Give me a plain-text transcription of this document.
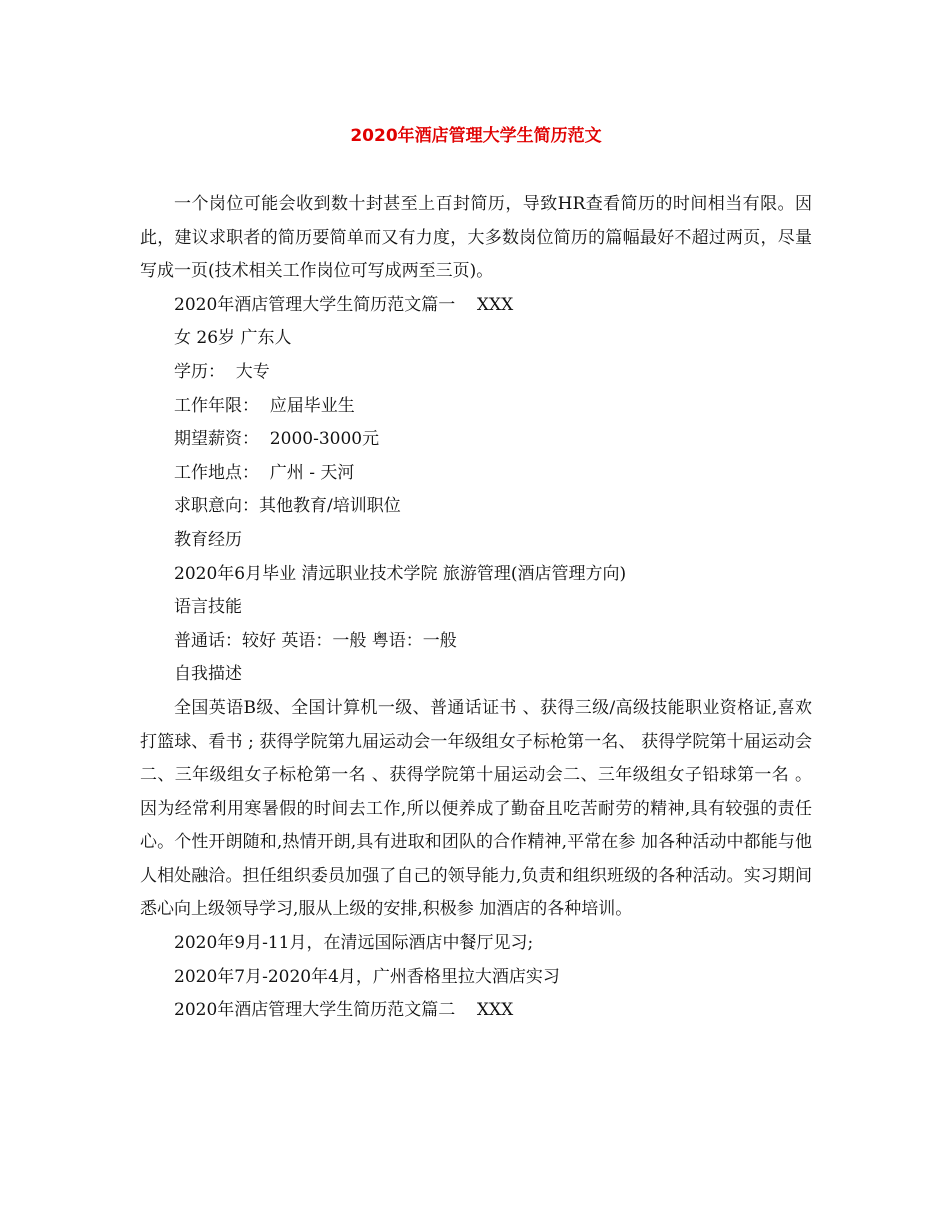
2020年酒店管理大学生简历范文

一个岗位可能会收到数十封甚至上百封简历，导致HR查看简历的时间相当有限。因此，建议求职者的简历要简单而又有力度，大多数岗位简历的篇幅最好不超过两页，尽量写成一页(技术相关工作岗位可写成两至三页)。

2020年酒店管理大学生简历范文篇一    XXX

女 26岁 广东人

学历：  大专

工作年限：  应届毕业生

期望薪资：  2000-3000元

工作地点：  广州 - 天河

求职意向：其他教育/培训职位

教育经历

2020年6月毕业 清远职业技术学院 旅游管理(酒店管理方向)

语言技能

普通话：较好 英语：一般 粤语：一般

自我描述

全国英语B级、全国计算机一级、普通话证书 、获得三级/高级技能职业资格证,喜欢 打篮球、看书 ; 获得学院第九届运动会一年级组女子标枪第一名、 获得学院第十届运动会二、三年级组女子标枪第一名 、获得学院第十届运动会二、三年级组女子铅球第一名 。 因为经常利用寒暑假的时间去工作,所以便养成了勤奋且吃苦耐劳的精神,具有较强的责任心。个性开朗随和,热情开朗,具有进取和团队的合作精神,平常在参 加各种活动中都能与他人相处融洽。担任组织委员加强了自己的领导能力,负责和组织班级的各种活动。实习期间悉心向上级领导学习,服从上级的安排,积极参 加酒店的各种培训。

2020年9月-11月，在清远国际酒店中餐厅见习;

2020年7月-2020年4月，广州香格里拉大酒店实习

2020年酒店管理大学生简历范文篇二    XXX
